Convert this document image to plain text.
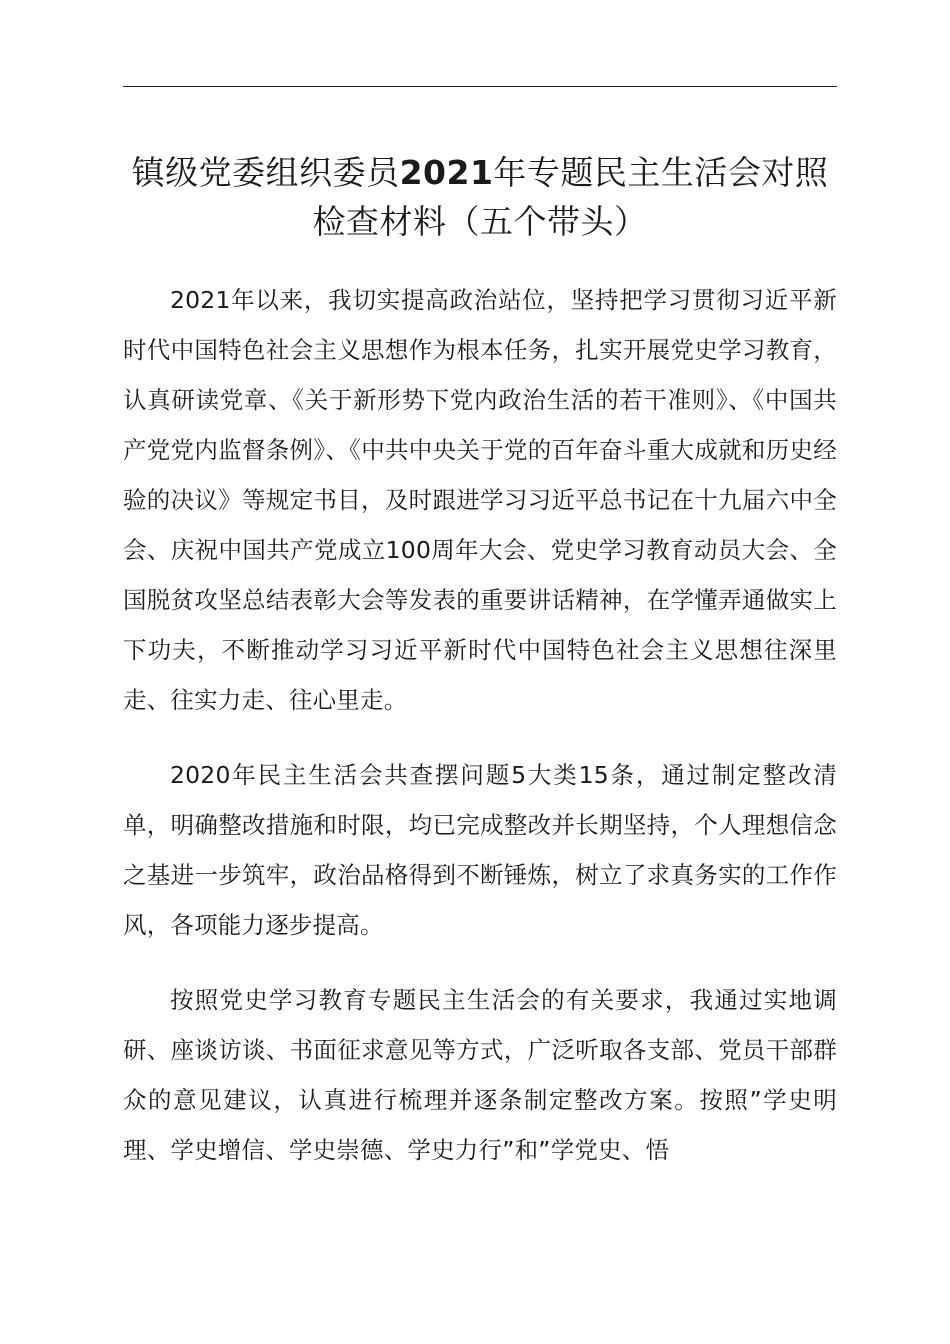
镇级党委组织委员2021年专题民主生活会对照检查材料（五个带头）

2021年以来，我切实提高政治站位，坚持把学习贯彻习近平新时代中国特色社会主义思想作为根本任务，扎实开展党史学习教育，认真研读党章、《关于新形势下党内政治生活的若干准则》、《中国共产党党内监督条例》、《中共中央关于党的百年奋斗重大成就和历史经验的决议》等规定书目，及时跟进学习习近平总书记在十九届六中全会、庆祝中国共产党成立100周年大会、党史学习教育动员大会、全国脱贫攻坚总结表彰大会等发表的重要讲话精神，在学懂弄通做实上下功夫，不断推动学习习近平新时代中国特色社会主义思想往深里走、往实力走、往心里走。

2020年民主生活会共查摆问题5大类15条，通过制定整改清单，明确整改措施和时限，均已完成整改并长期坚持，个人理想信念之基进一步筑牢，政治品格得到不断锤炼，树立了求真务实的工作作风，各项能力逐步提高。

按照党史学习教育专题民主生活会的有关要求，我通过实地调研、座谈访谈、书面征求意见等方式，广泛听取各支部、党员干部群众的意见建议，认真进行梳理并逐条制定整改方案。按照”学史明理、学史增信、学史崇德、学史力行”和”学党史、悟
